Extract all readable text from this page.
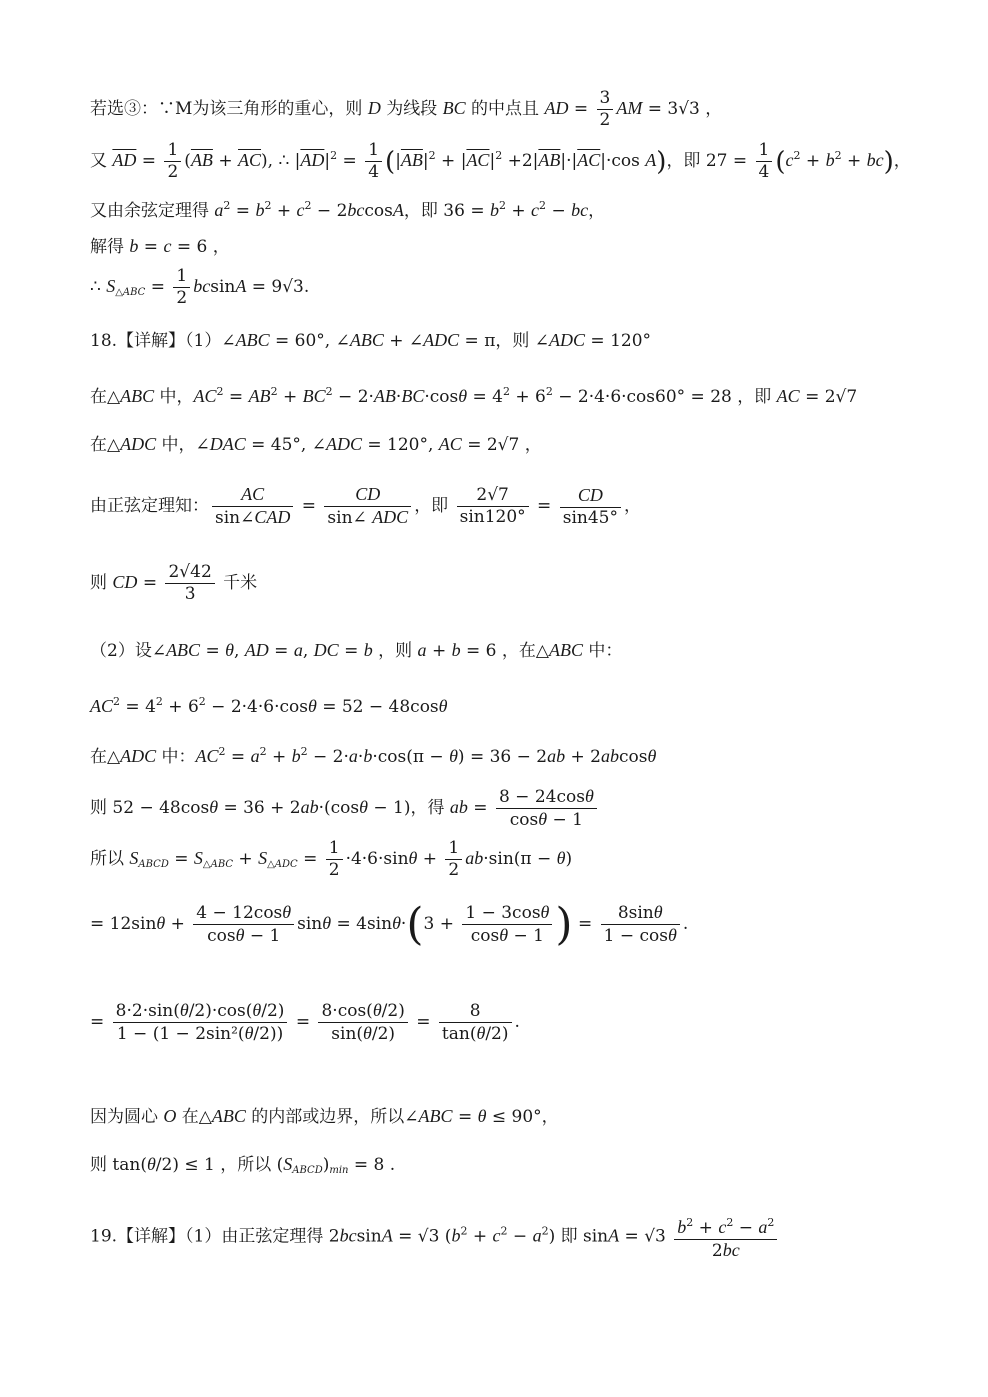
若选③：∵M为该三角形的重心，则 D 为线段 BC 的中点且 AD = $\frac{3}{2}$ AM = 3√3 ，

又 $\overline{AD} = \frac{1}{2} (\overline{AB} + \overline{AC})$, ∴ $|\overline{AD}|^2 = \frac{1}{4} (|\overline{AB}|^2 + |\overline{AC}|^2 +2|\overline{AB}|\cdot|\overline{AC}|\cdot\cos$ A)，即 $27 = \frac{1}{4} (c^2 + b^2 + bc)$，

又由余弦定理得 $a^2 = b^2 + c^2 - 2bccosA$，即 $36 = b^2 + c^2$ − bc，

解得 b = c = 6 ，

∴ $S_{\triangle ABC} = \frac{1}{2}$ bcsinA = 9√3.

18.【详解】（1）∠ABC = 60°, ∠ABC + ∠ADC = π，则 ∠ADC = 120°

在△ABC 中，$AC^2 = AB^2 + BC^2 - 2\cdot AB\cdot BC\cdot\cos\theta = 4^2 + 6^2 - 2\cdot 4\cdot 6\cdot\cos 60^\circ = 28$ ，即 AC = 2√7

在△ADC 中，∠DAC = 45°, ∠ADC = 120°, AC = 2√7 ，

由正弦定理知： $\frac{AC}{\text{sin∠CAD}} = \frac{CD}{\text{sin∠ ADC}}$ ，即 $\frac{2√7}{\sin 120^\circ} = \frac{CD}{\sin 45^\circ}$ ，

则 CD = $\frac{2√42}{3}$ 千米

（2）设∠ABC = θ, AD = a, DC = b ，则 a + b = 6 ，在△ABC 中：

$AC^2 = 4^2 + 6^2 - 2\cdot 4\cdot 6\cdot\cos\theta = 52 - 48\cos\theta$

在△ADC 中：$AC^2 = a^2 + b^2 - 2\cdot a\cdot b\cdot\cos(\pi - \theta) = 36 - 2ab + 2abcos\theta$

则 52 − 48cosθ = 36 + 2ab·(cosθ − 1)，得 ab = $\frac{8 - 24\cos\theta}{\cos\theta - 1}$

所以 $S_{ABCD} = S_{\triangle ABC} + S_{\triangle ADC} = \frac{1}{2} \cdot 4\cdot 6\cdot\sin\theta + \frac{1}{2} ab\cdot\sin(\pi - \theta)$

= $12\sin\theta + \frac{4 - 12\cos\theta}{\cos\theta - 1}$ $\sin\theta = 4\sin\theta\cdot(3 + \frac{1 - 3\cos\theta}{\cos\theta - 1}$ ) = $\frac{8\sin\theta}{1 - \cos\theta}$ .

= $\frac{8\cdot 2\cdot\sin(\theta/2)\cdot\cos(\theta/2)}{\text{1 − (1 − 2sin²(θ/2))}} = \frac{8\cdot\cos(\theta/2)}{\sin(\theta/2)} = \frac{8}{\tan(\theta/2)}$ .

因为圆心 O 在△ABC 的内部或边界，所以∠ABC = θ ≤ 90°，

则 tan(θ/2) ≤ 1 ，所以 $(S_{ABCD})_{min} = 8$ .

19.【详解】（1）由正弦定理得 2bcsinA = √3 $(b^2 + c^2 - a^2)$ 即 $\sin A = √3 \frac{b^2 + c^2 - a^2}{2bc}$
